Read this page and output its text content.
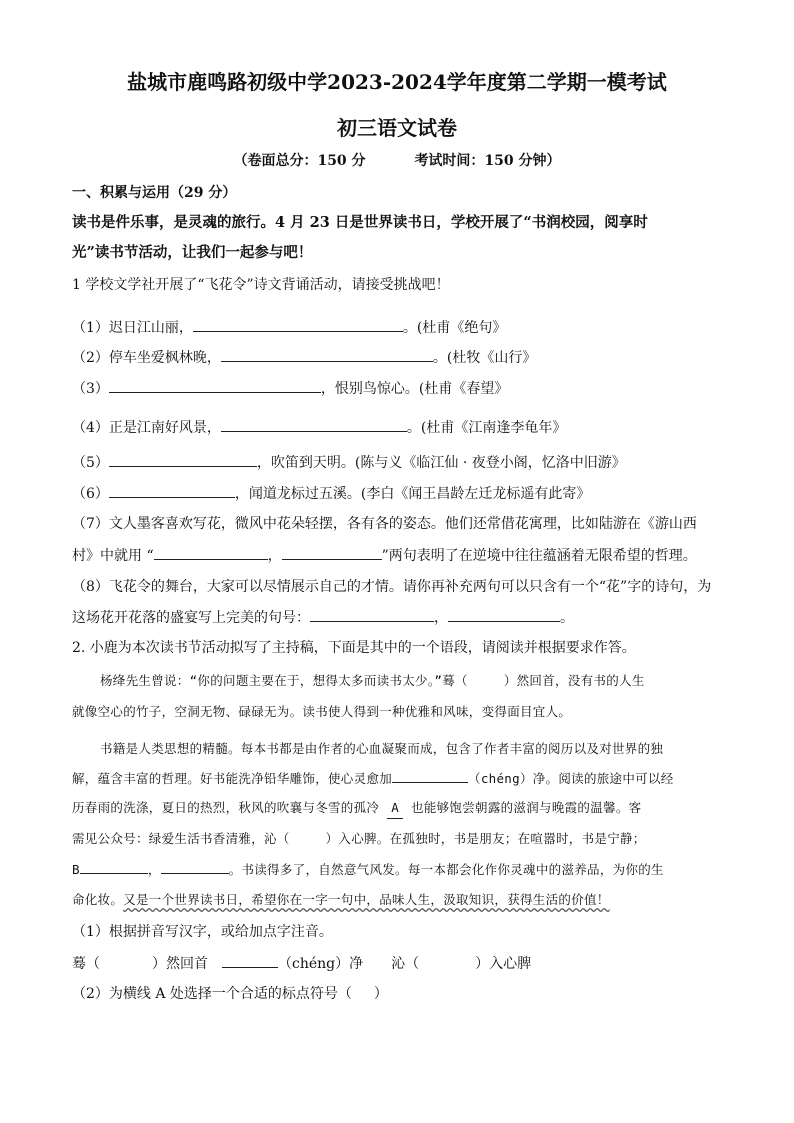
盐城市鹿鸣路初级中学2023-2024学年度第二学期一模考试
初三语文试卷
（卷面总分：150 分	考试时间：150 分钟）
一、积累与运用（29 分）
读书是件乐事，是灵魂的旅行。4 月 23 日是世界读书日，学校开展了“书润校园，阅享时
光”读书节活动，让我们一起参与吧！
1 学校文学社开展了“飞花令”诗文背诵活动，请接受挑战吧！
（1）迟日江山丽，	。(杜甫《绝句》
（2）停车坐爱枫林晚，	。(杜牧《山行》
（3）	，恨别鸟惊心。(杜甫《春望》
（4）正是江南好风景，	。(杜甫《江南逢李龟年》
（5）	，吹笛到天明。(陈与义《临江仙 · 夜登小阁，忆洛中旧游》
（6）	，闻道龙标过五溪。(李白《闻王昌龄左迁龙标遥有此寄》
（7）文人墨客喜欢写花，微风中花朵轻摆，各有各的姿态。他们还常借花寓理，比如陆游在《游山西
村》中就用 “	，	”两句表明了在逆境中往往蕴涵着无限希望的哲理。
（8）飞花令的舞台，大家可以尽情展示自己的才情。请你再补充两句可以只含有一个“花”字的诗句，为
这场花开花落的盛宴写上完美的句号：	，	。
2. 小鹿为本次读书节活动拟写了主持稿，下面是其中的一个语段，请阅读并根据要求作答。
杨绛先生曾说：“你的问题主要在于，想得太多而读书太少。”蓦（	）然回首，没有书的人生
就像空心的竹子，空洞无物、碌碌无为。读书使人得到一种优雅和风味，变得面目宜人。
书籍是人类思想的精髓。每本书都是由作者的心血凝聚而成，包含了作者丰富的阅历以及对世界的独
解，蕴含丰富的哲理。好书能洗净铅华雕饰，使心灵愈加	（chéng）净。阅读的旅途中可以经
历春雨的洗涤，夏日的热烈，秋风的吹襄与冬雪的孤冷 A 也能够饱尝朝露的滋润与晚霞的温馨。客
需见公众号：绿爱生活书香清雅，沁（	）入心脾。在孤独时，书是朋友；在喧嚣时，书是宁静；
B	，	。书读得多了，自然意气风发。每一本都会化作你灵魂中的滋养品，为你的生
命化妆。又是一个世界读书日，希望你在一字一句中，品味人生，汲取知识，获得生活的价值！
（1）根据拼音写汉字，或给加点字注音。
蓦（	）然回首	（chéng）净 沁（	）入心脾
（2）为横线 A 处选择一个合适的标点符号（ ）
